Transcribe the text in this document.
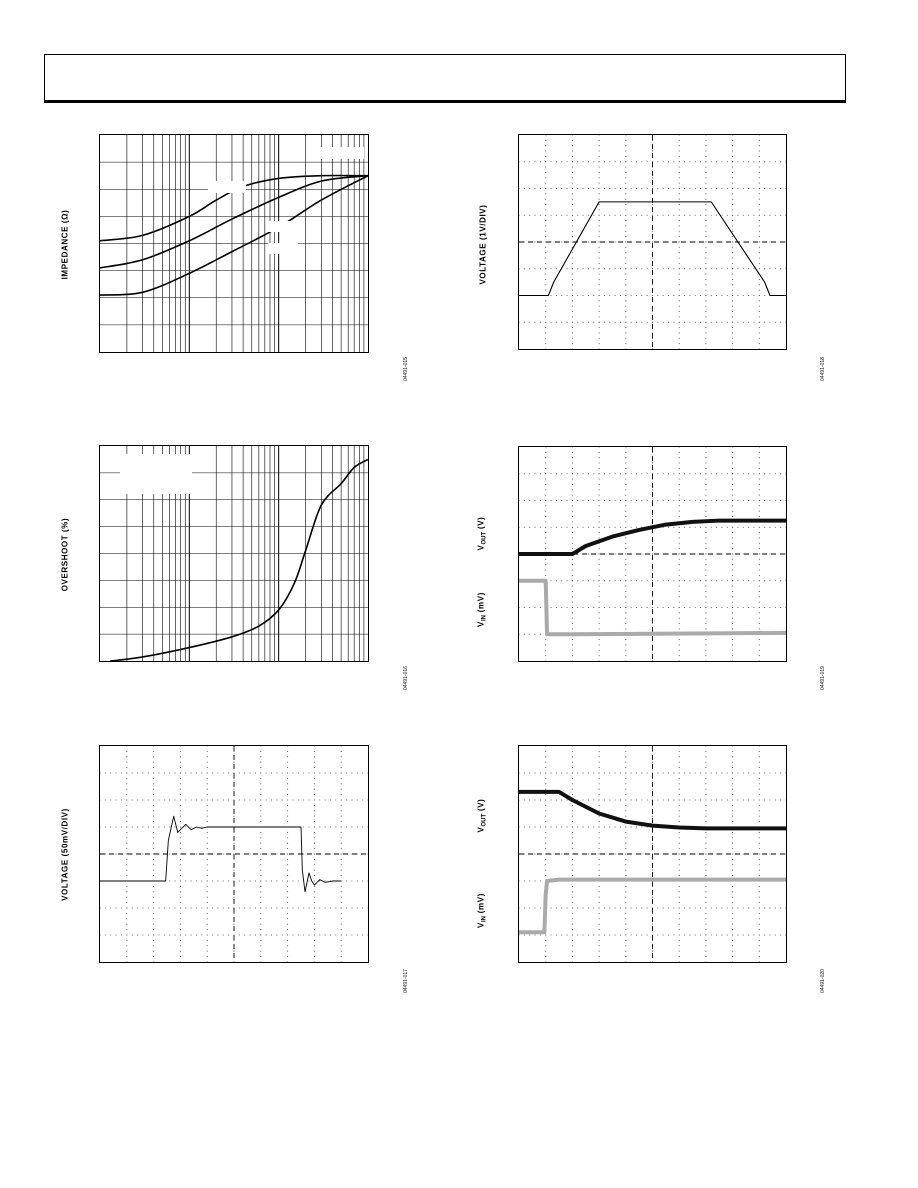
IMPEDANCE (Ω)
04491-015
VOLTAGE (1V/DIV)
04491-018
OVERSHOOT (%)
04491-016
$V_{OUT}$ (V)
$V_{IN}$ (mV)
04491-019
VOLTAGE (50mV/DIV)
04491-017
$V_{OUT}$ (V)
$V_{IN}$ (mV)
04491-020
